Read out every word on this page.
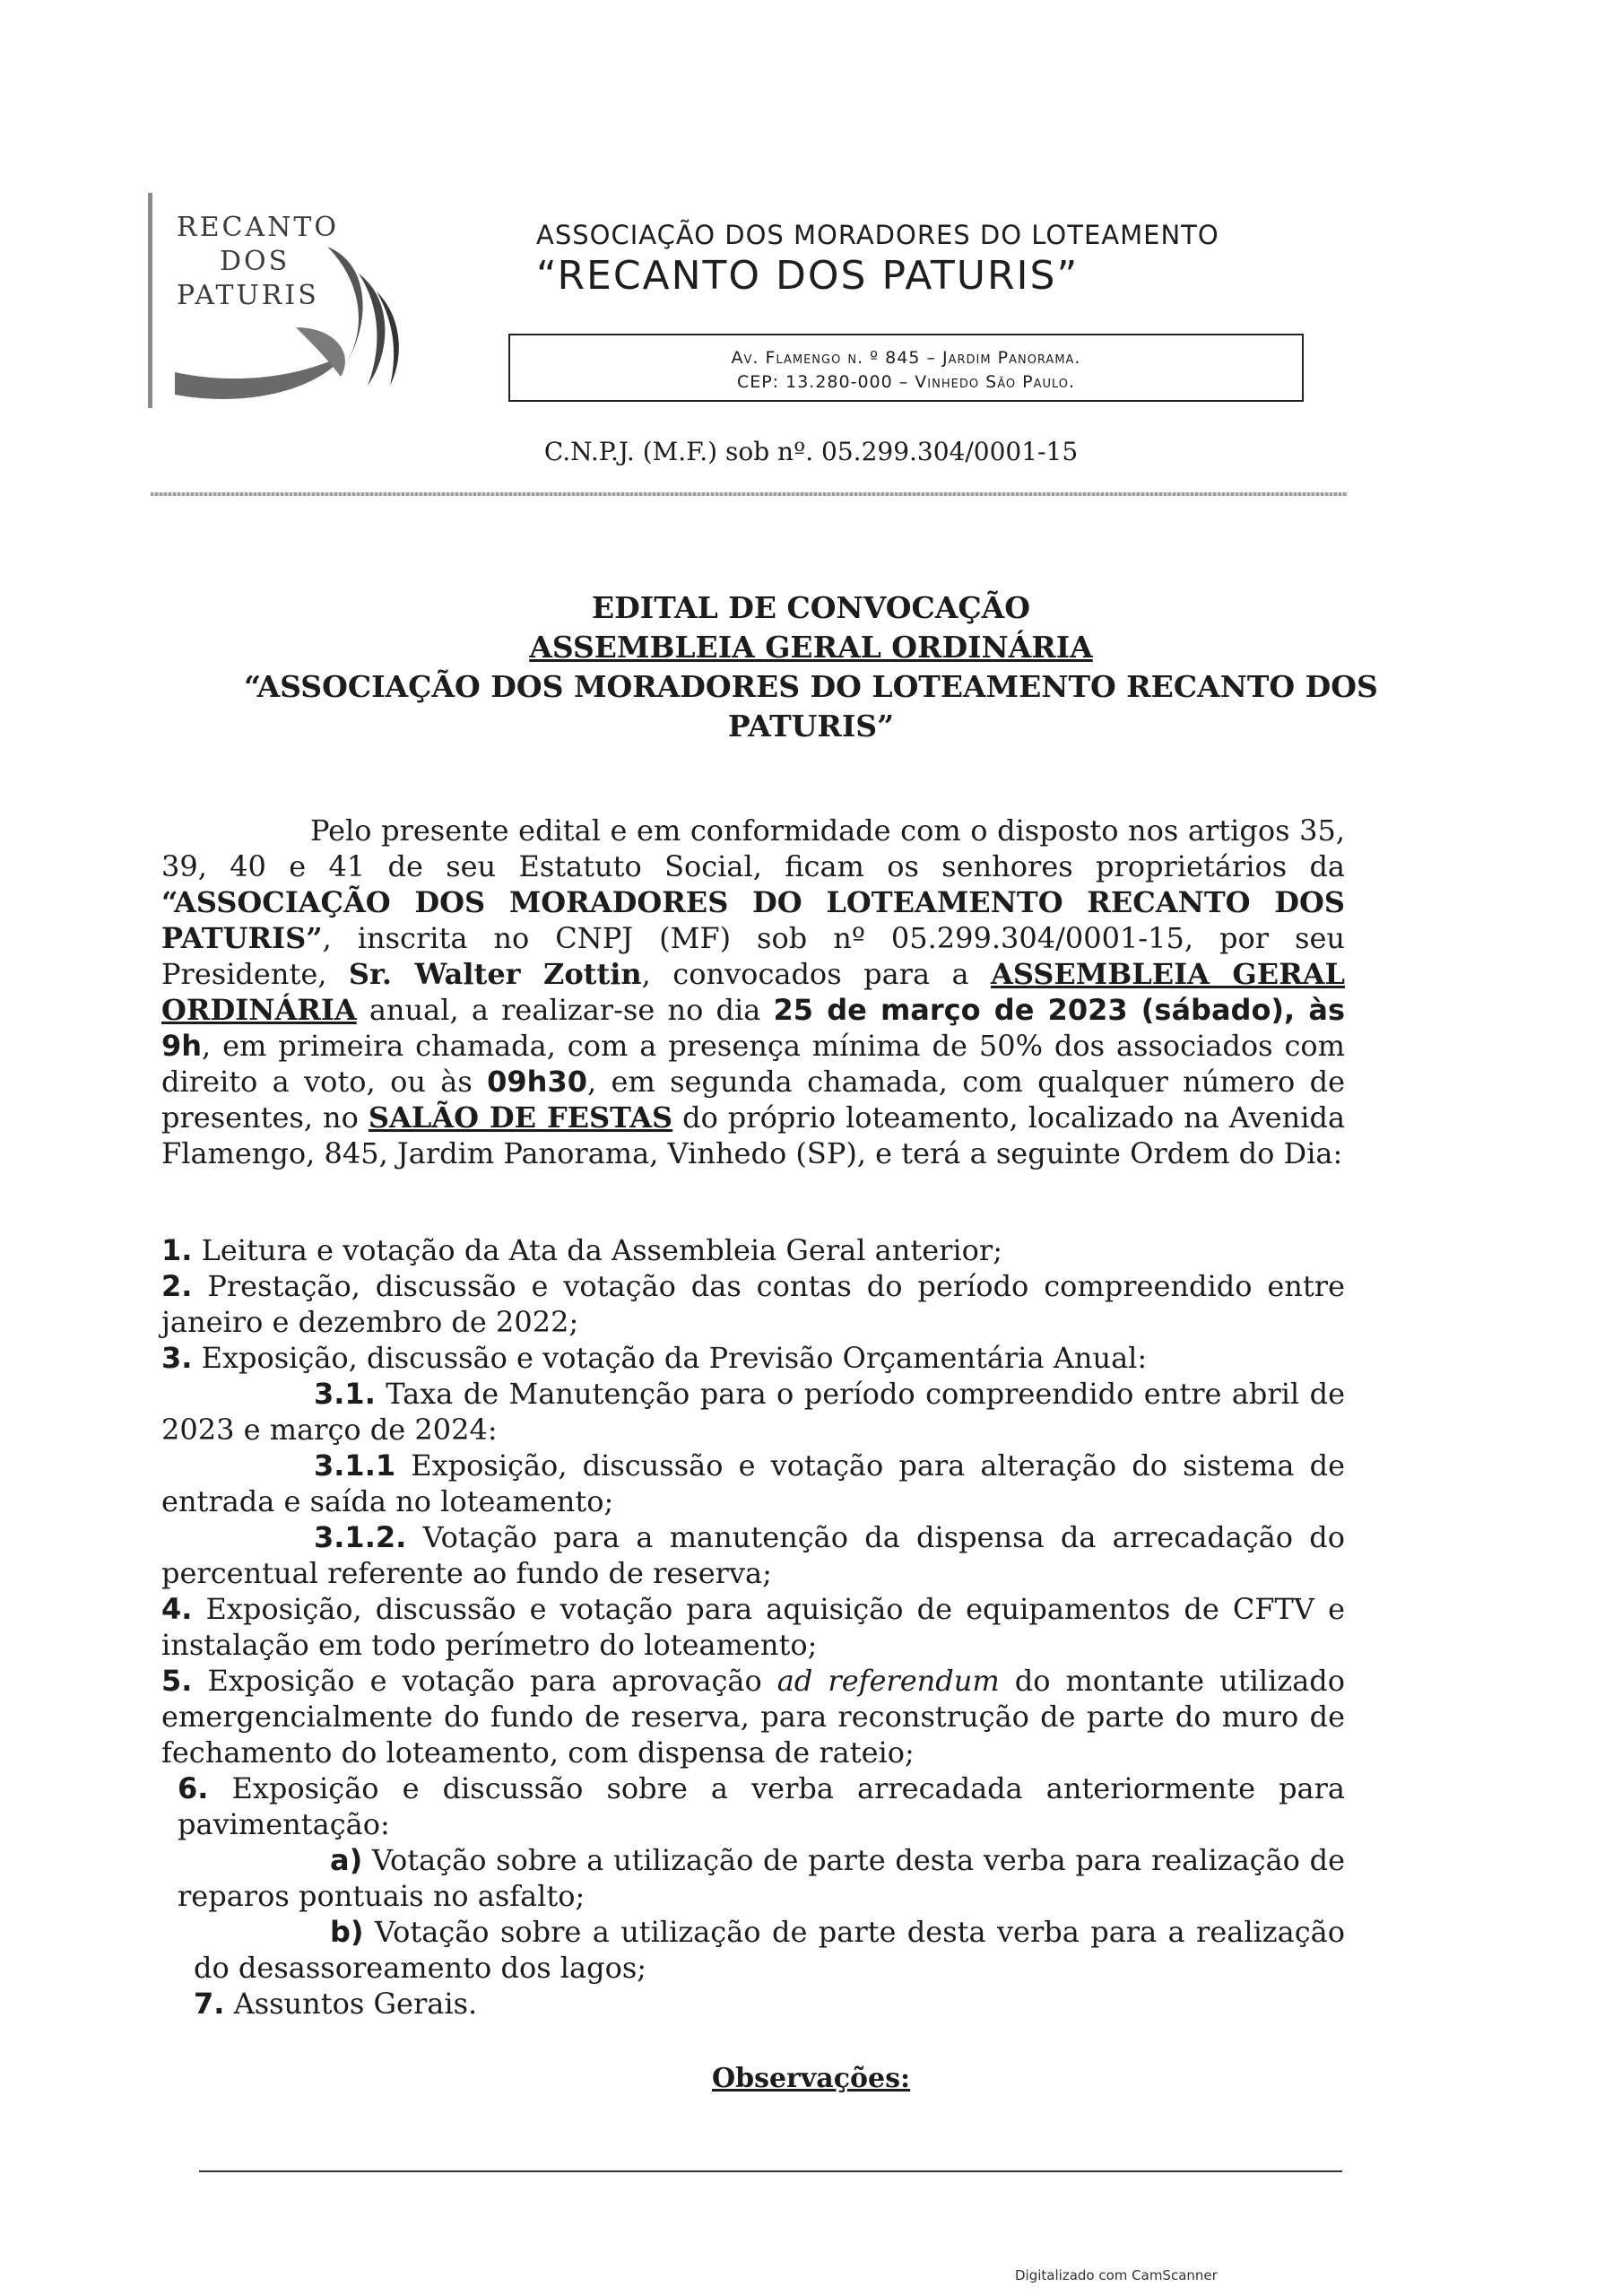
RECANTO
DOS
PATURIS
ASSOCIAÇÃO DOS MORADORES DO LOTEAMENTO
“RECANTO DOS PATURIS”
Av. Flamengo n. º 845 – Jardim Panorama.
CEP: 13.280-000 – Vinhedo São Paulo.
C.N.P.J. (M.F.) sob nº. 05.299.304/0001-15
EDITAL DE CONVOCAÇÃO
ASSEMBLEIA GERAL ORDINÁRIA
“ASSOCIAÇÃO DOS MORADORES DO LOTEAMENTO RECANTO DOS
PATURIS”
Pelo presente edital e em conformidade com o disposto nos artigos 35, 39, 40 e 41 de seu Estatuto Social, ficam os senhores proprietários da “ASSOCIAÇÃO DOS MORADORES DO LOTEAMENTO RECANTO DOS PATURIS”, inscrita no CNPJ (MF) sob nº 05.299.304/0001-15, por seu Presidente, Sr. Walter Zottin, convocados para a ASSEMBLEIA GERAL ORDINÁRIA anual, a realizar-se no dia 25 de março de 2023 (sábado), às 9h, em primeira chamada, com a presença mínima de 50% dos associados com direito a voto, ou às 09h30, em segunda chamada, com qualquer número de presentes, no SALÃO DE FESTAS do próprio loteamento, localizado na Avenida Flamengo, 845, Jardim Panorama, Vinhedo (SP), e terá a seguinte Ordem do Dia:
1. Leitura e votação da Ata da Assembleia Geral anterior;
2. Prestação, discussão e votação das contas do período compreendido entre janeiro e dezembro de 2022;
3. Exposição, discussão e votação da Previsão Orçamentária Anual:
3.1. Taxa de Manutenção para o período compreendido entre abril de 2023 e março de 2024:
3.1.1 Exposição, discussão e votação para alteração do sistema de entrada e saída no loteamento;
3.1.2. Votação para a manutenção da dispensa da arrecadação do percentual referente ao fundo de reserva;
4. Exposição, discussão e votação para aquisição de equipamentos de CFTV e instalação em todo perímetro do loteamento;
5. Exposição e votação para aprovação ad referendum do montante utilizado emergencialmente do fundo de reserva, para reconstrução de parte do muro de fechamento do loteamento, com dispensa de rateio;
6. Exposição e discussão sobre a verba arrecadada anteriormente para pavimentação:
a) Votação sobre a utilização de parte desta verba para realização de reparos pontuais no asfalto;
b) Votação sobre a utilização de parte desta verba para a realização do desassoreamento dos lagos;
7. Assuntos Gerais.
Observações:
Digitalizado com CamScanner
